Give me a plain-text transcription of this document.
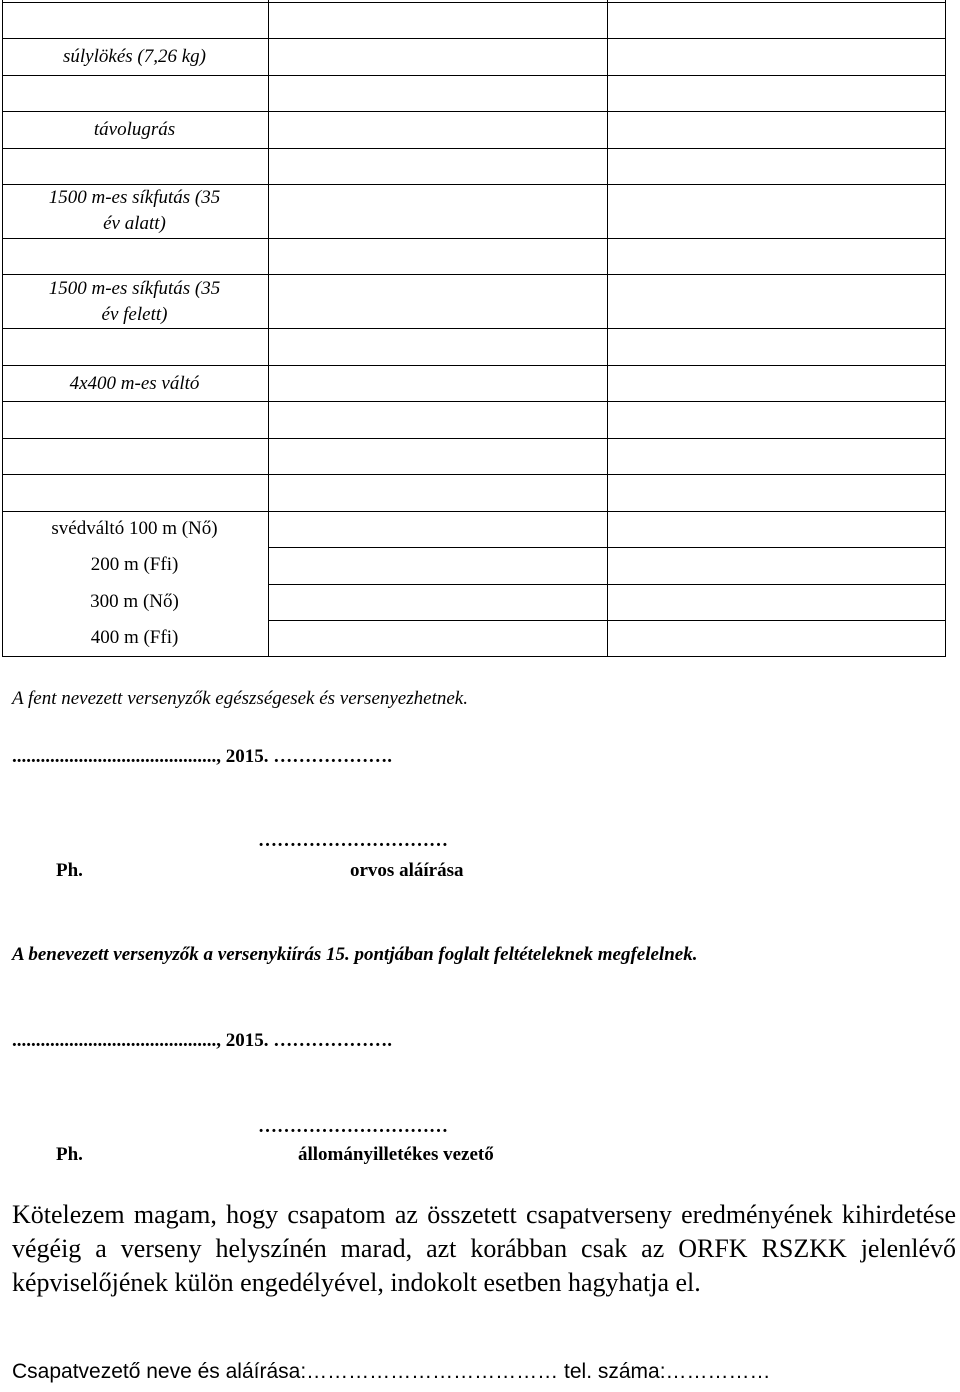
súlylökés (7,26 kg)
távolugrás
1500 m-es síkfutás (35 év alatt)
1500 m-es síkfutás (35 év felett)
4x400 m-es váltó
svédváltó 100 m (Nő)
200 m (Ffi)
300 m (Nő)
400 m (Ffi)
A fent nevezett versenyzők egészségesek és versenyezhetnek.
..........................................., 2015. ……………….
…………………………
Ph.	orvos aláírása
A benevezett versenyzők a versenykiírás 15. pontjában foglalt feltételeknek megfelelnek.
..........................................., 2015. ……………….
…………………………
Ph.	állományilletékes vezető
Kötelezem magam, hogy csapatom az összetett csapatverseny eredményének kihirdetése végéig a verseny helyszínén marad, azt korábban csak az ORFK RSZKK jelenlévő képviselőjének külön engedélyével, indokolt esetben hagyhatja el.
Csapatvezető neve és aláírása:……………………………… tel. száma:……………
